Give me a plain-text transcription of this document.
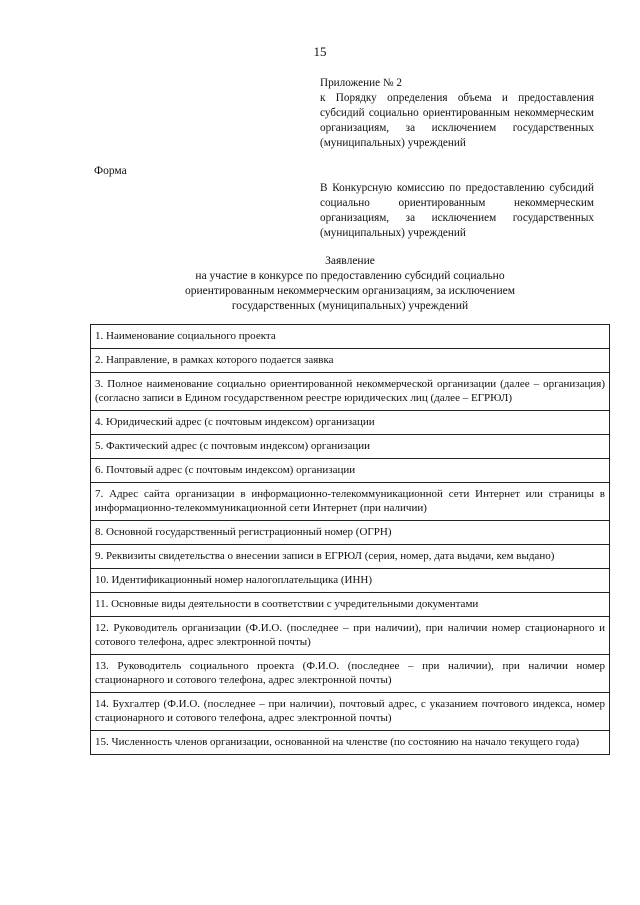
15
Приложение № 2
к Порядку определения объема и предоставления субсидий социально ориентированным некоммерческим организациям, за исключением государственных (муниципальных) учреждений
Форма
В Конкурсную комиссию по предоставлению субсидий социально ориентированным некоммерческим организациям, за исключением государственных (муниципальных) учреждений
Заявление
на участие в конкурсе по предоставлению субсидий социально
ориентированным некоммерческим организациям, за исключением
государственных (муниципальных) учреждений
1. Наименование социального проекта
2. Направление, в рамках которого подается заявка
3. Полное наименование социально ориентированной некоммерческой организации (далее – организация) (согласно записи в Едином государственном реестре юридических лиц (далее – ЕГРЮЛ)
4. Юридический адрес (с почтовым индексом) организации
5. Фактический адрес (с почтовым индексом) организации
6. Почтовый адрес (с почтовым индексом) организации
7. Адрес сайта организации в информационно-телекоммуникационной сети Интернет или страницы в информационно-телекоммуникационной сети Интернет (при наличии)
8. Основной государственный регистрационный номер (ОГРН)
9. Реквизиты свидетельства о внесении записи в ЕГРЮЛ (серия, номер, дата выдачи, кем выдано)
10. Идентификационный номер налогоплательщика (ИНН)
11. Основные виды деятельности в соответствии с учредительными документами
12. Руководитель организации (Ф.И.О. (последнее – при наличии), при наличии номер стационарного и сотового телефона, адрес электронной почты)
13. Руководитель социального проекта (Ф.И.О. (последнее – при наличии), при наличии номер стационарного и сотового телефона, адрес электронной почты)
14. Бухгалтер (Ф.И.О. (последнее – при наличии), почтовый адрес, с указанием почтового индекса, номер стационарного и сотового телефона, адрес электронной почты)
15. Численность членов организации, основанной на членстве (по состоянию на начало текущего года)
